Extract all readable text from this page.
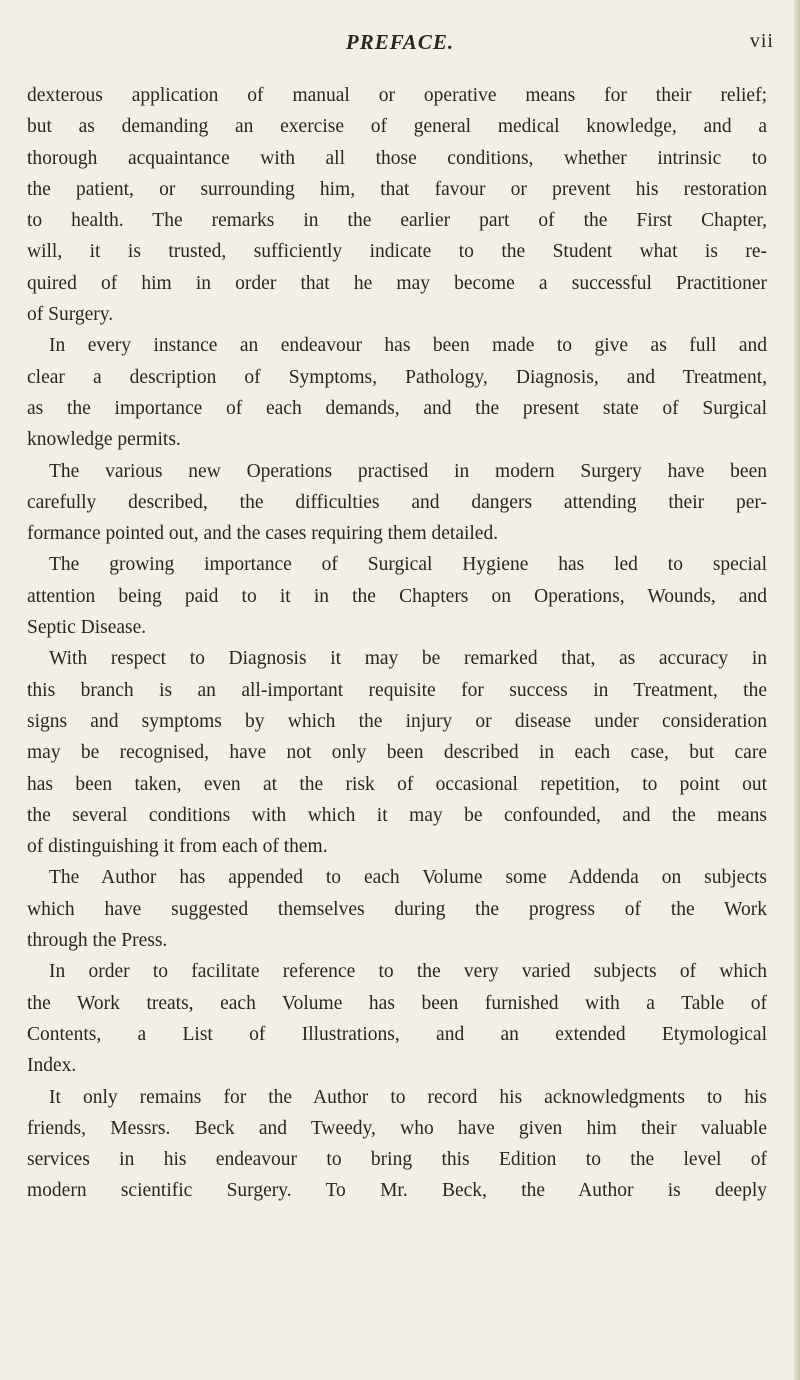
PREFACE.	vii
dexterous application of manual or operative means for their relief;
but as demanding an exercise of general medical knowledge, and a
thorough acquaintance with all those conditions, whether intrinsic to
the patient, or surrounding him, that favour or prevent his restoration
to health. The remarks in the earlier part of the First Chapter,
will, it is trusted, sufficiently indicate to the Student what is re-
quired of him in order that he may become a successful Practitioner
of Surgery.
In every instance an endeavour has been made to give as full and
clear a description of Symptoms, Pathology, Diagnosis, and Treatment,
as the importance of each demands, and the present state of Surgical
knowledge permits.
The various new Operations practised in modern Surgery have been
carefully described, the difficulties and dangers attending their per-
formance pointed out, and the cases requiring them detailed.
The growing importance of Surgical Hygiene has led to special
attention being paid to it in the Chapters on Operations, Wounds, and
Septic Disease.
With respect to Diagnosis it may be remarked that, as accuracy in
this branch is an all-important requisite for success in Treatment, the
signs and symptoms by which the injury or disease under consideration
may be recognised, have not only been described in each case, but care
has been taken, even at the risk of occasional repetition, to point out
the several conditions with which it may be confounded, and the means
of distinguishing it from each of them.
The Author has appended to each Volume some Addenda on subjects
which have suggested themselves during the progress of the Work
through the Press.
In order to facilitate reference to the very varied subjects of which
the Work treats, each Volume has been furnished with a Table of
Contents, a List of Illustrations, and an extended Etymological
Index.
It only remains for the Author to record his acknowledgments to his
friends, Messrs. Beck and Tweedy, who have given him their valuable
services in his endeavour to bring this Edition to the level of
modern scientific Surgery. To Mr. Beck, the Author is deeply
